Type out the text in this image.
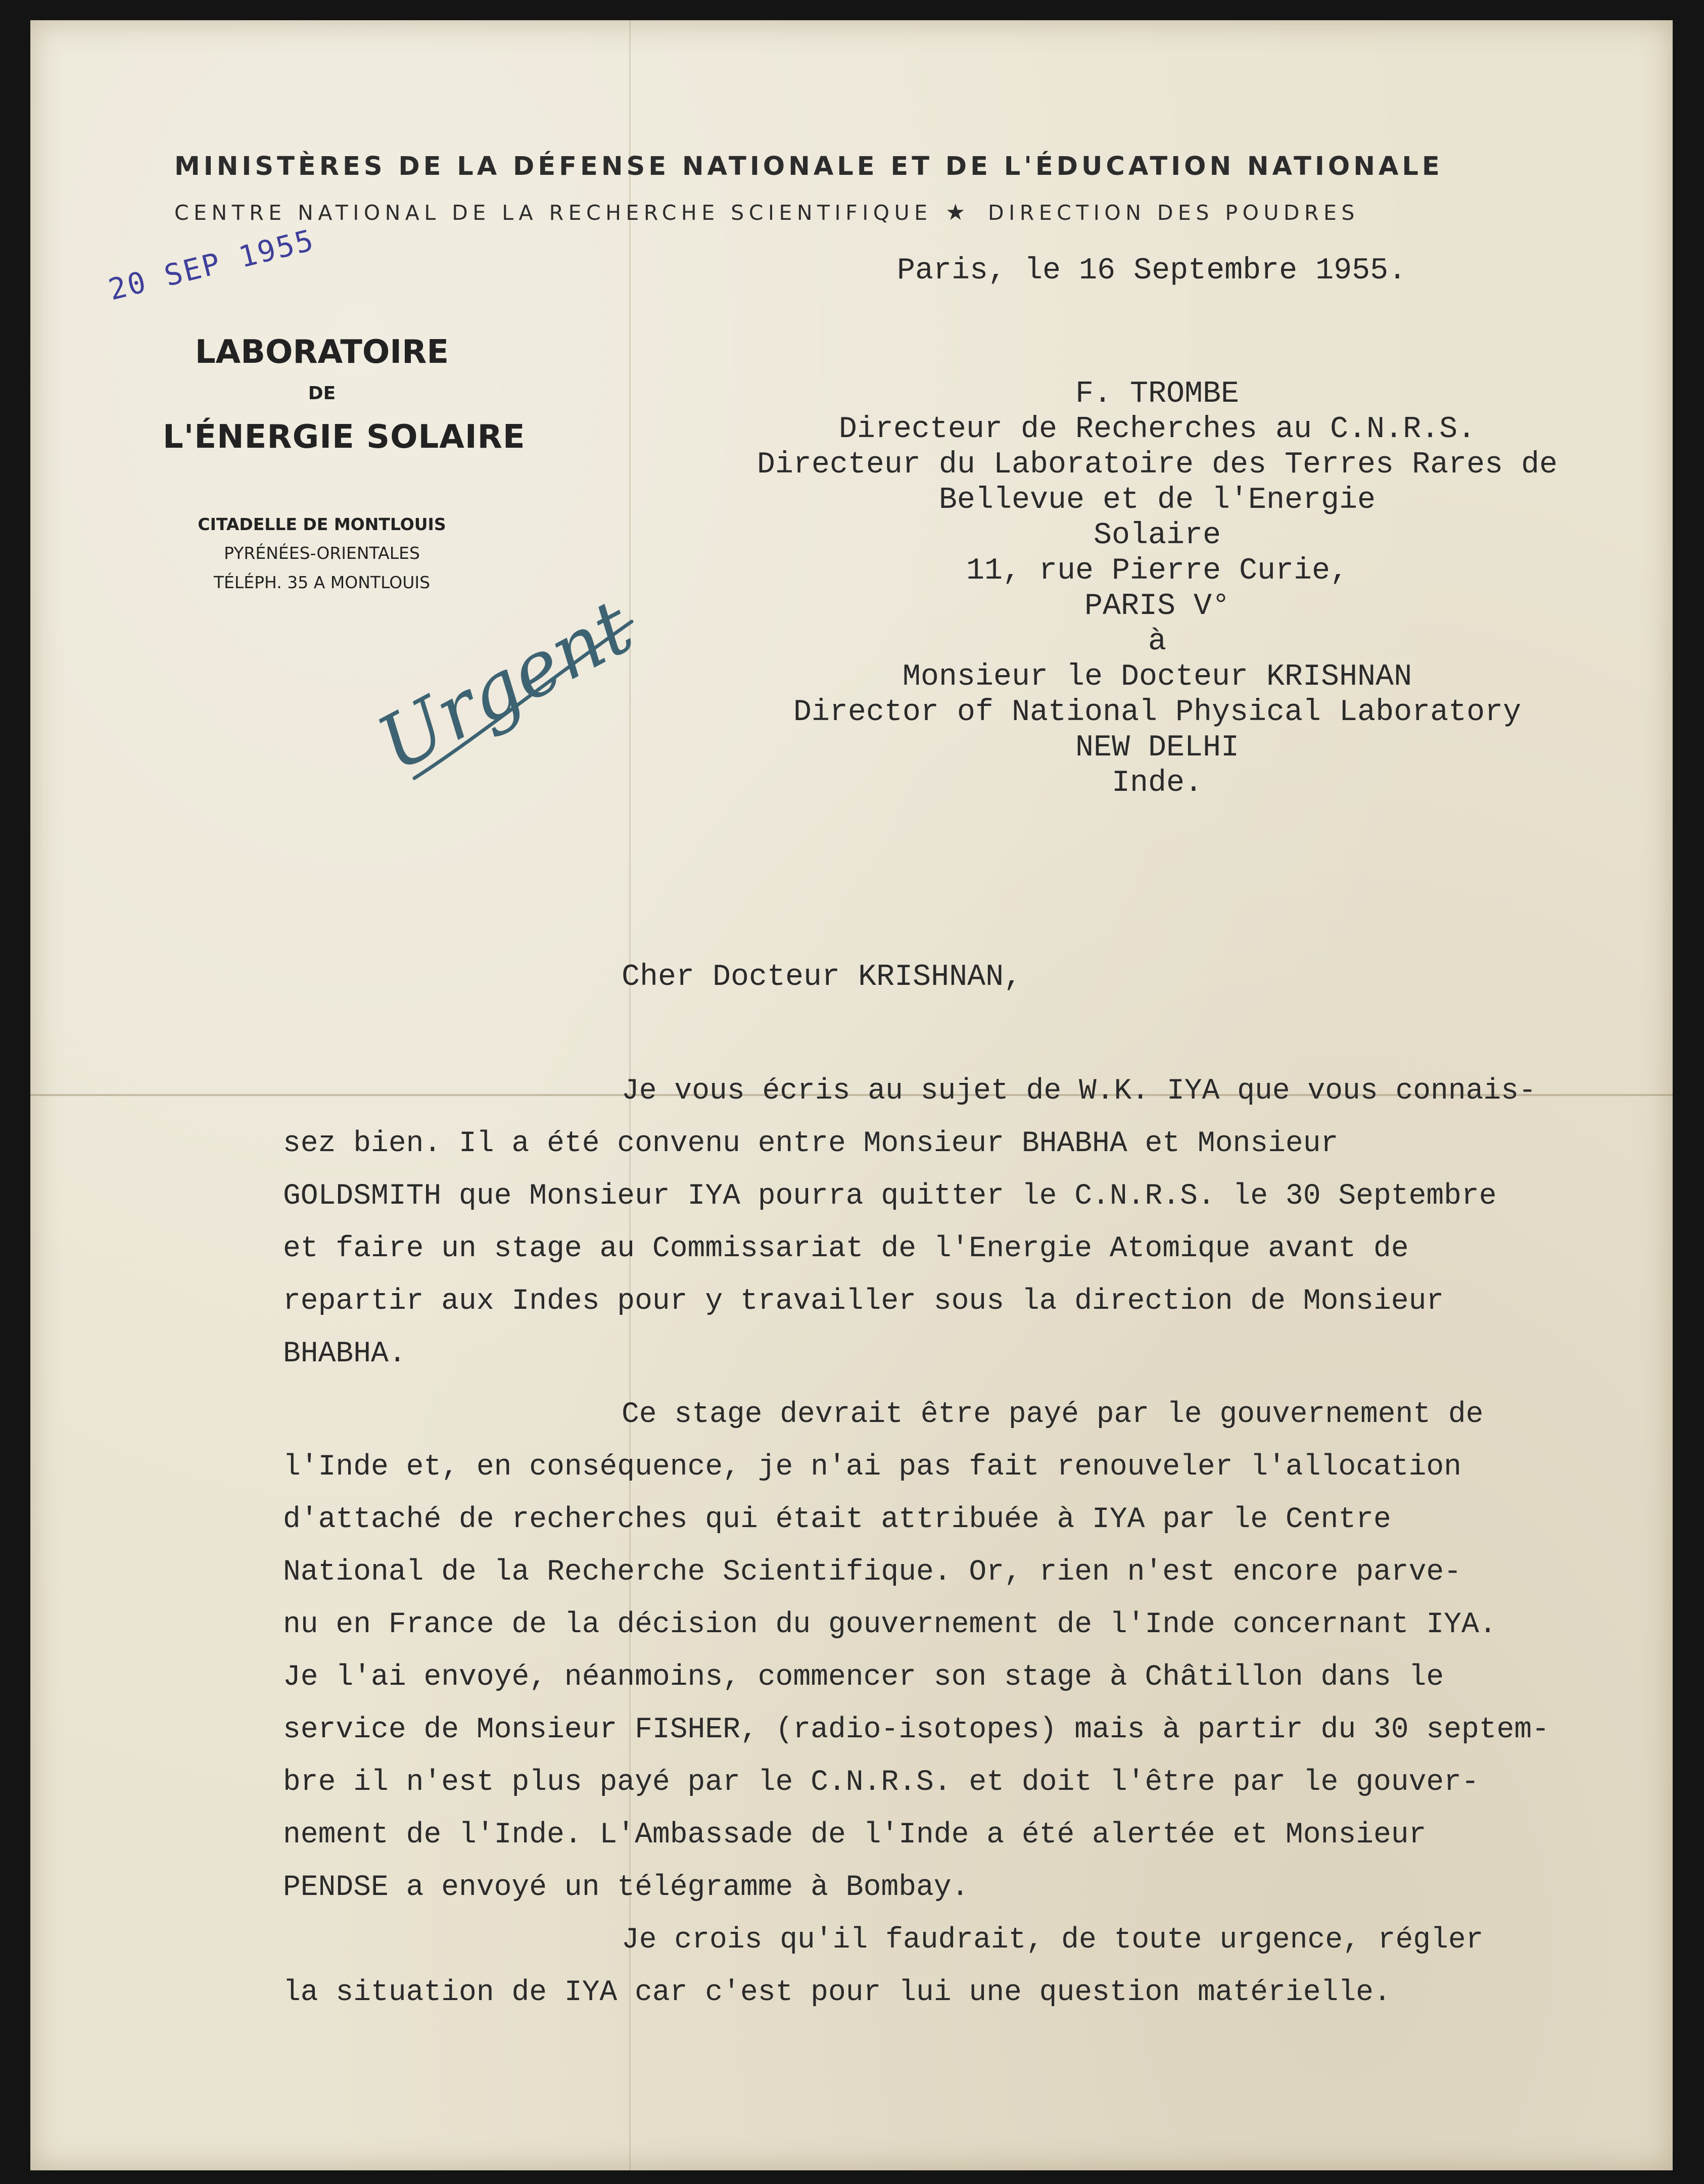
MINISTÈRES DE LA DÉFENSE NATIONALE ET DE L'ÉDUCATION NATIONALE
CENTRE NATIONAL DE LA RECHERCHE SCIENTIFIQUE ★ DIRECTION DES POUDRES
LABORATOIRE
DE
L'ÉNERGIE SOLAIRE
CITADELLE DE MONTLOUIS
PYRÉNÉES-ORIENTALES
TÉLÉPH. 35 A MONTLOUIS
20 SEP 1955
Urgent
Paris, le 16 Septembre 1955.
F. TROMBE
Directeur de Recherches au C.N.R.S.
Directeur du Laboratoire des Terres Rares de
Bellevue et de l'Energie
Solaire
11, rue Pierre Curie,
PARIS V°
à
Monsieur le Docteur KRISHNAN
Director of National Physical Laboratory
NEW DELHI
Inde.
Cher Docteur KRISHNAN,
Je vous écris au sujet de W.K. IYA que vous connais-
sez bien. Il a été convenu entre Monsieur BHABHA et Monsieur
GOLDSMITH que Monsieur IYA pourra quitter le C.N.R.S. le 30 Septembre
et faire un stage au Commissariat de l'Energie Atomique avant de
repartir aux Indes pour y travailler sous la direction de Monsieur
BHABHA.
Ce stage devrait être payé par le gouvernement de
l'Inde et, en conséquence, je n'ai pas fait renouveler l'allocation
d'attaché de recherches qui était attribuée à IYA par le Centre
National de la Recherche Scientifique. Or, rien n'est encore parve-
nu en France de la décision du gouvernement de l'Inde concernant IYA.
Je l'ai envoyé, néanmoins, commencer son stage à Châtillon dans le
service de Monsieur FISHER, (radio-isotopes) mais à partir du 30 septem-
bre il n'est plus payé par le C.N.R.S. et doit l'être par le gouver-
nement de l'Inde. L'Ambassade de l'Inde a été alertée et Monsieur
PENDSE a envoyé un télégramme à Bombay.
Je crois qu'il faudrait, de toute urgence, régler
la situation de IYA car c'est pour lui une question matérielle.
